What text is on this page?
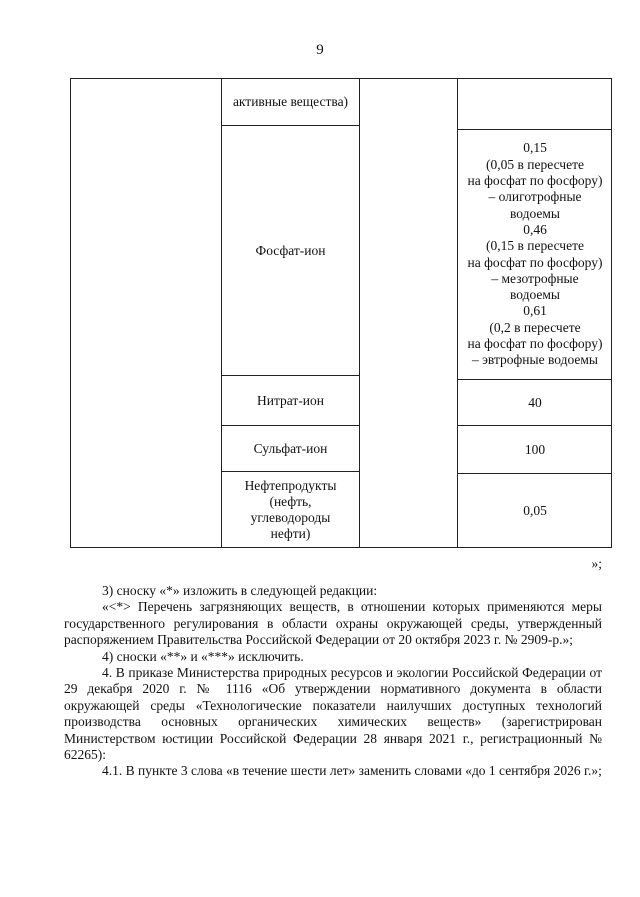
9
активные вещества)
Фосфат-ион
0,15
(0,05 в пересчете
на фосфат по фосфору)
– олиготрофные
водоемы
0,46
(0,15 в пересчете
на фосфат по фосфору)
– мезотрофные
водоемы
0,61
(0,2 в пересчете
на фосфат по фосфору)
– эвтрофные водоемы
Нитрат-ион	40
Сульфат-ион	100
Нефтепродукты
(нефть,
углеводороды
нефти)
0,05
»;

3) сноску «*» изложить в следующей редакции:

«<*> Перечень загрязняющих веществ, в отношении которых применяются меры государственного регулирования в области охраны окружающей среды, утвержденный распоряжением Правительства Российской Федерации от 20 октября 2023 г. № 2909-р.»;

4) сноски «**» и «***» исключить.

4. В приказе Министерства природных ресурсов и экологии Российской Федерации от 29 декабря 2020 г. № 1116 «Об утверждении нормативного документа в области окружающей среды «Технологические показатели наилучших доступных технологий производства основных органических химических веществ» (зарегистрирован Министерством юстиции Российской Федерации 28 января 2021 г., регистрационный № 62265):

4.1. В пункте 3 слова «в течение шести лет» заменить словами «до 1 сентября 2026 г.»;
